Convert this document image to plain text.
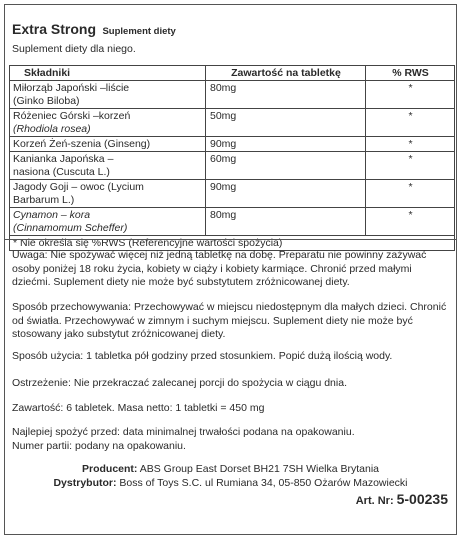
Extra Strong Suplement diety
Suplement diety dla niego.
Składniki	Zawartość na tabletkę	% RWS
Miłorząb Japoński –liście
(Ginko Biloba)	80mg	*
Różeniec Górski –korzeń
(Rhodiola rosea)	50mg	*
Korzeń Żeń-szenia (Ginseng)	90mg	*
Kanianka Japońska –
nasiona (Cuscuta L.)	60mg	*
Jagody Goji – owoc (Lycium
Barbarum L.)	90mg	*
Cynamon – kora
(Cinnamomum Scheffer)	80mg	*
* Nie określa się %RWS (Referencyjne wartości spożycia)		
Uwaga: Nie spożywać więcej niż jedną tabletkę na dobę. Preparatu nie powinny zażywać osoby poniżej 18 roku życia, kobiety w ciąży i kobiety karmiące. Chronić przed małymi dziećmi. Suplement diety nie może być substytutem zróżnicowanej diety.
Sposób przechowywania: Przechowywać w miejscu niedostępnym dla małych dzieci. Chronić od światła. Przechowywać w zimnym i suchym miejscu. Suplement diety nie może być stosowany jako substytut zróżnicowanej diety.
Sposób użycia: 1 tabletka pół godziny przed stosunkiem. Popić dużą ilością wody.
Ostrzeżenie: Nie przekraczać zalecanej porcji do spożycia w ciągu dnia.
Zawartość: 6 tabletek. Masa netto: 1 tabletki = 450 mg
Najlepiej spożyć przed: data minimalnej trwałości podana na opakowaniu.
Numer partii: podany na opakowaniu.
Producent: ABS Group East Dorset BH21 7SH Wielka Brytania
Dystrybutor: Boss of Toys S.C. ul Rumiana 34, 05-850 Ożarów Mazowiecki
Art. Nr: 5-00235
